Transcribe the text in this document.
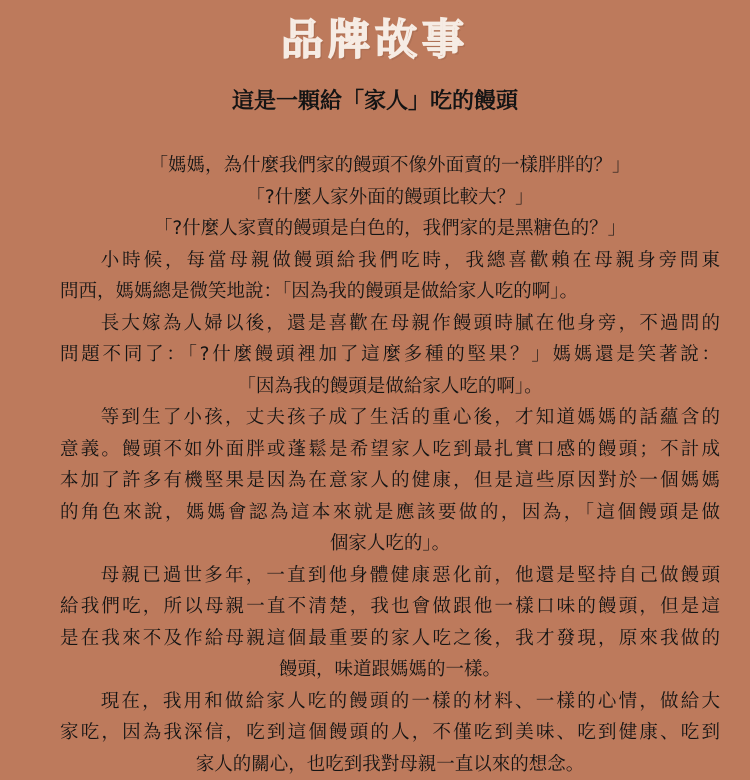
品牌故事
這是一顆給「家人」吃的饅頭
「媽媽，為什麼我們家的饅頭不像外面賣的一樣胖胖的？」
「?什麼人家外面的饅頭比較大？」
「?什麼人家賣的饅頭是白色的，我們家的是黑糖色的？」
小時候，每當母親做饅頭給我們吃時，我總喜歡賴在母親身旁問東
問西，媽媽總是微笑地說：「因為我的饅頭是做給家人吃的啊」。
長大嫁為人婦以後，還是喜歡在母親作饅頭時膩在他身旁，不過問的
問題不同了：「?什麼饅頭裡加了這麼多種的堅果？」媽媽還是笑著說：
「因為我的饅頭是做給家人吃的啊」。
等到生了小孩，丈夫孩子成了生活的重心後，才知道媽媽的話蘊含的
意義。饅頭不如外面胖或蓬鬆是希望家人吃到最扎實口感的饅頭；不計成
本加了許多有機堅果是因為在意家人的健康，但是這些原因對於一個媽媽
的角色來說，媽媽會認為這本來就是應該要做的，因為，「這個饅頭是做
個家人吃的」。
母親已過世多年，一直到他身體健康惡化前，他還是堅持自己做饅頭
給我們吃，所以母親一直不清楚，我也會做跟他一樣口味的饅頭，但是這
是在我來不及作給母親這個最重要的家人吃之後，我才發現，原來我做的
饅頭，味道跟媽媽的一樣。
現在，我用和做給家人吃的饅頭的一樣的材料、一樣的心情，做給大
家吃，因為我深信，吃到這個饅頭的人，不僅吃到美味、吃到健康、吃到
家人的關心，也吃到我對母親一直以來的想念。
